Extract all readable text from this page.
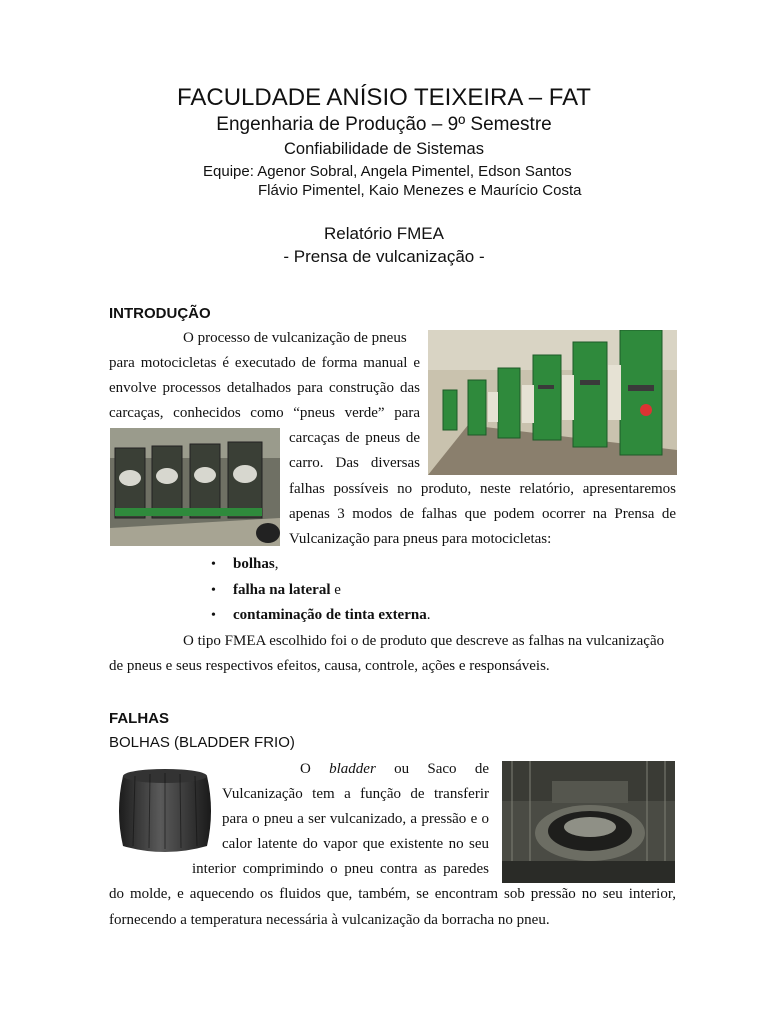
FACULDADE ANÍSIO TEIXEIRA – FAT
Engenharia de Produção – 9º Semestre
Confiabilidade de Sistemas
Equipe: Agenor Sobral, Angela Pimentel, Edson Santos
Flávio Pimentel, Kaio Menezes e Maurício Costa
Relatório FMEA
- Prensa de vulcanização -
INTRODUÇÃO
O processo de vulcanização de pneus
para motocicletas é executado de forma manual e
envolve processos detalhados para construção das
carcaças, conhecidos como “pneus verde” para
carcaças de pneus de
carro. Das diversas
falhas possíveis no produto, neste relatório, apresentaremos
apenas 3 modos de falhas que podem ocorrer na Prensa de
Vulcanização para pneus para motocicletas:
• bolhas,
• falha na lateral e
• contaminação de tinta externa.
O tipo FMEA escolhido foi o de produto que descreve as falhas na vulcanização
de pneus e seus respectivos efeitos, causa, controle, ações e responsáveis.
FALHAS
BOLHAS (BLADDER FRIO)
O bladder ou Saco de
Vulcanização tem a função de transferir
para o pneu a ser vulcanizado, a pressão e o
calor latente do vapor que existente no seu
interior comprimindo o pneu contra as paredes
do molde, e aquecendo os fluidos que, também, se encontram sob pressão no seu interior,
fornecendo a temperatura necessária à vulcanização da borracha no pneu.
